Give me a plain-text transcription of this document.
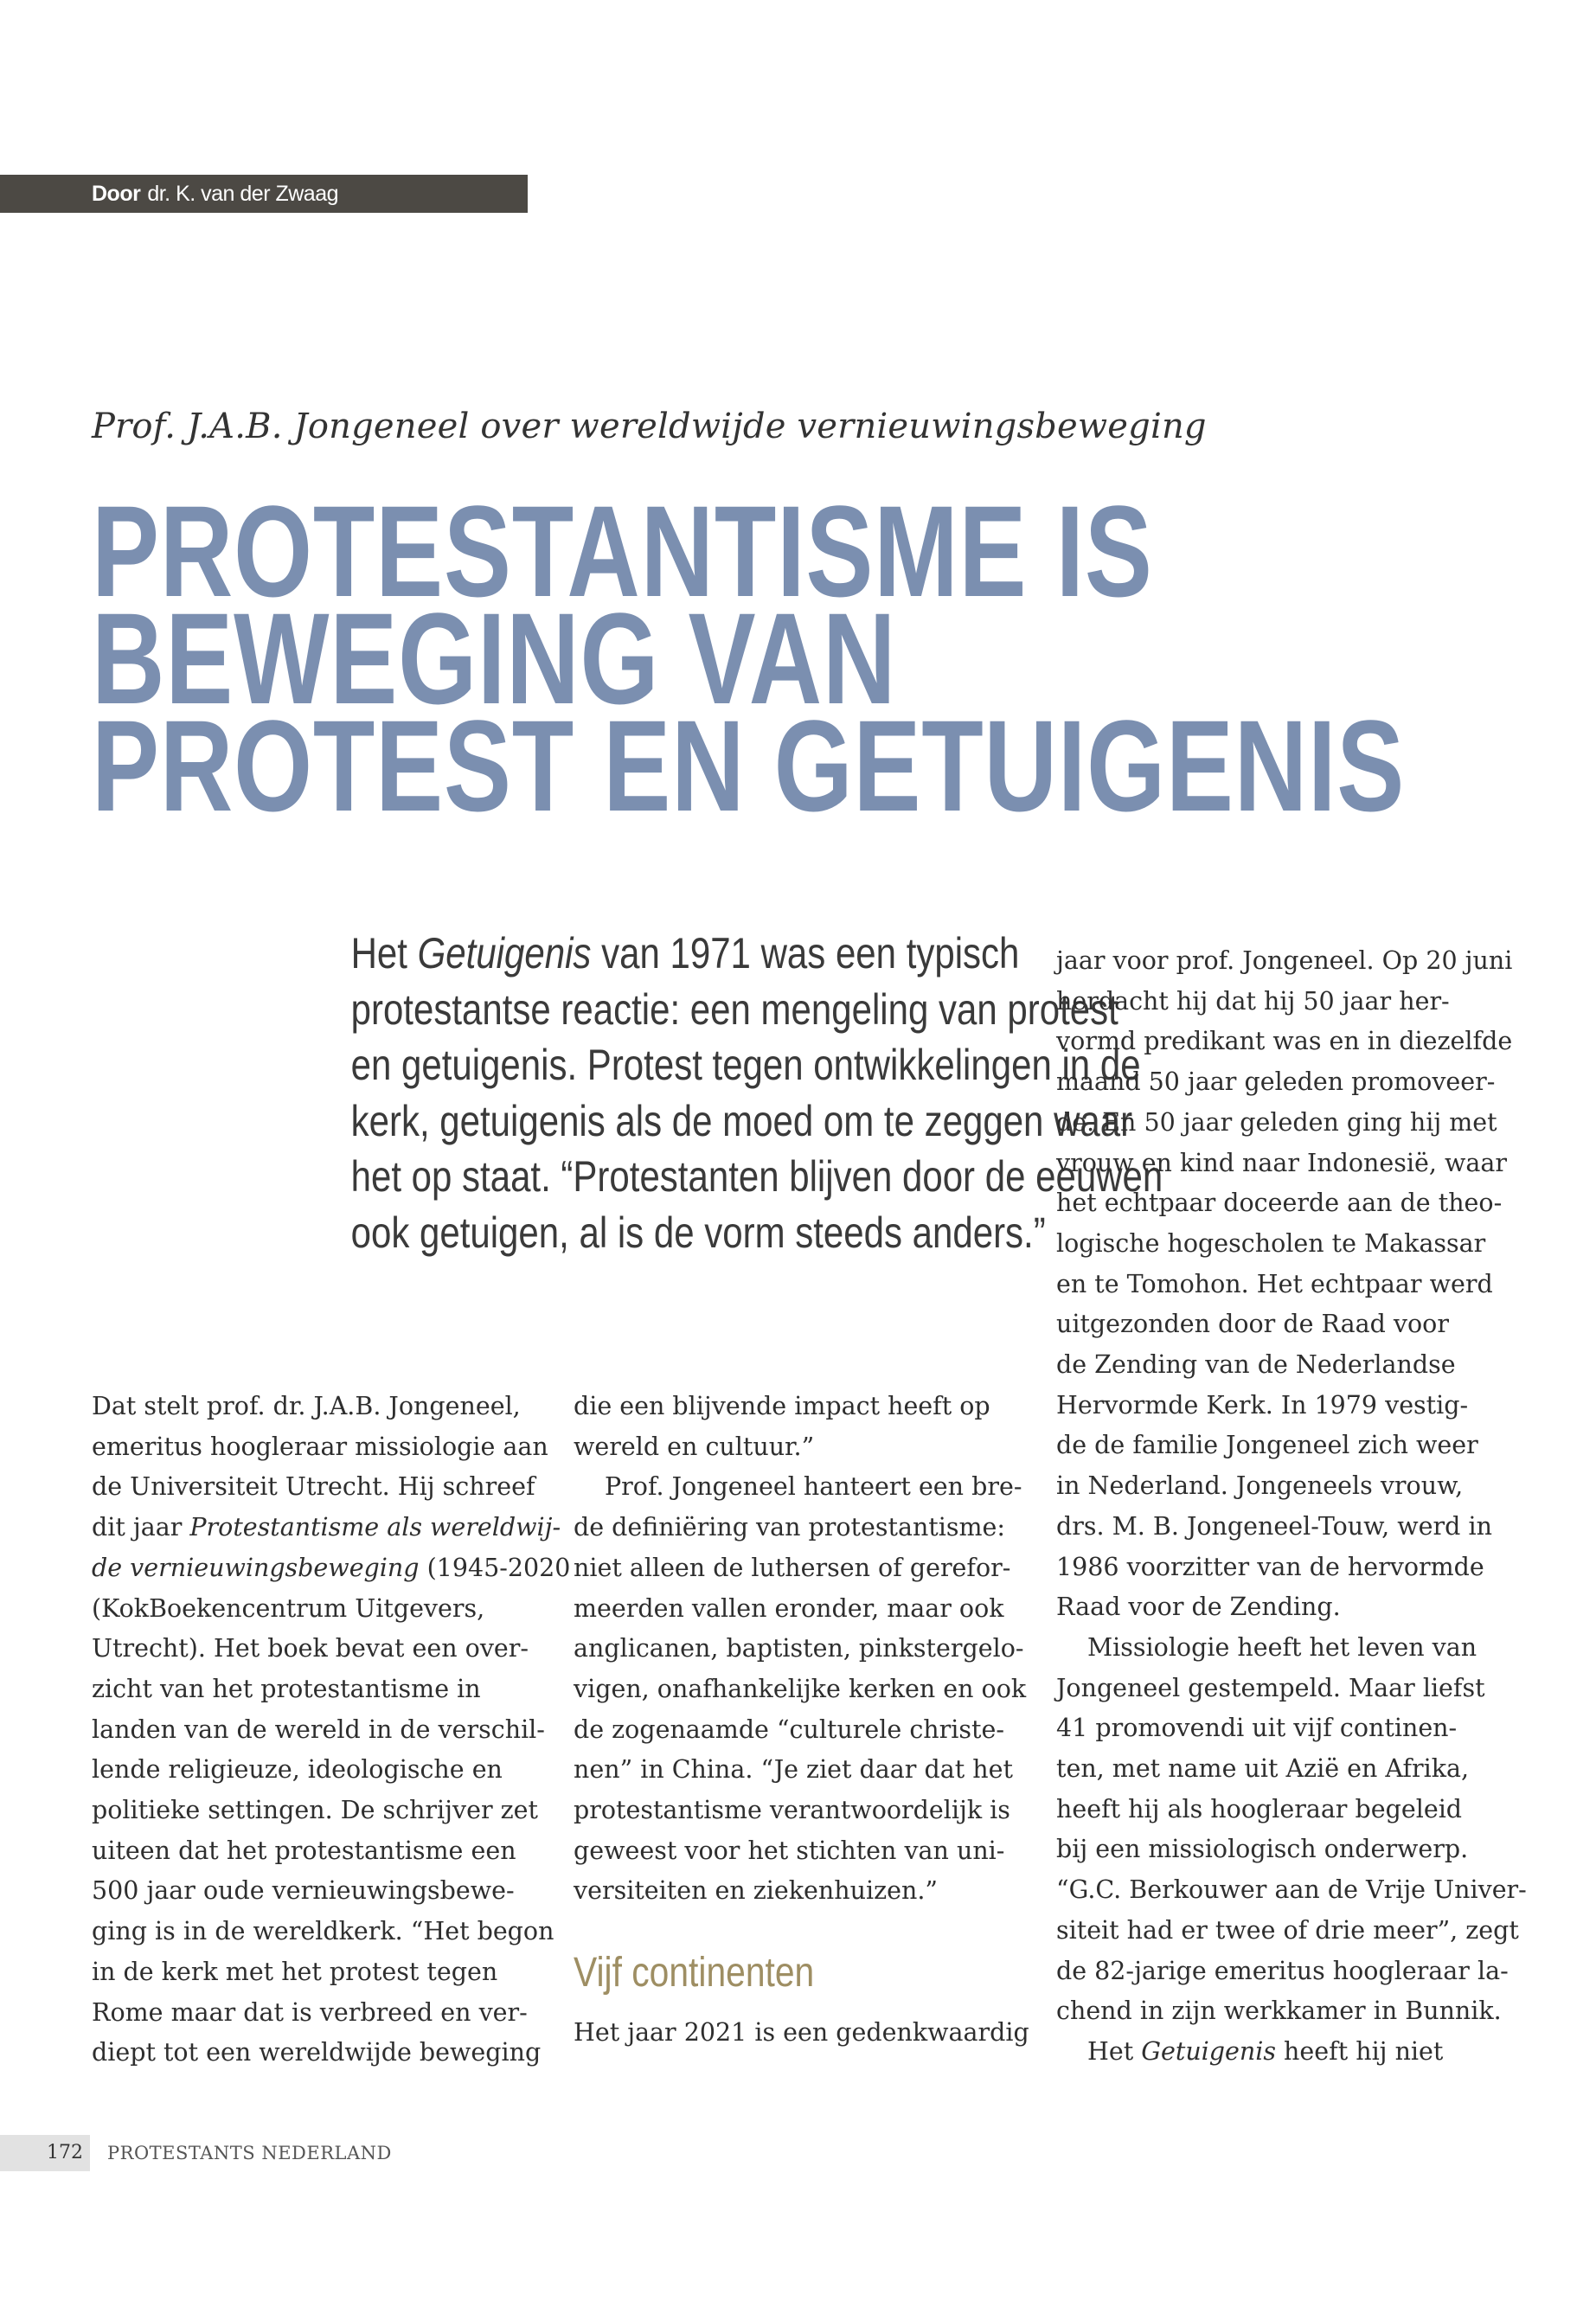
Door dr. K. van der Zwaag
Prof. J.A.B. Jongeneel over wereldwijde vernieuwingsbeweging
PROTESTANTISME IS
BEWEGING VAN
PROTEST EN GETUIGENIS
Het Getuigenis van 1971 was een typisch
protestantse reactie: een mengeling van protest
en getuigenis. Protest tegen ontwikkelingen in de
kerk, getuigenis als de moed om te zeggen waar
het op staat. “Protestanten blijven door de eeuwen
ook getuigen, al is de vorm steeds anders.”
Dat stelt prof. dr. J.A.B. Jongeneel,
emeritus hoogleraar missiologie aan
de Universiteit Utrecht. Hij schreef
dit jaar Protestantisme als wereldwij-
de vernieuwingsbeweging (1945-2020
(KokBoekencentrum Uitgevers,
Utrecht). Het boek bevat een over-
zicht van het protestantisme in
landen van de wereld in de verschil-
lende religieuze, ideologische en
politieke settingen. De schrijver zet
uiteen dat het protestantisme een
500 jaar oude vernieuwingsbewe-
ging is in de wereldkerk. “Het begon
in de kerk met het protest tegen
Rome maar dat is verbreed en ver-
diept tot een wereldwijde beweging
die een blijvende impact heeft op
wereld en cultuur.”
Prof. Jongeneel hanteert een bre-
de definiëring van protestantisme:
niet alleen de luthersen of gerefor-
meerden vallen eronder, maar ook
anglicanen, baptisten, pinkstergelo-
vigen, onafhankelijke kerken en ook
de zogenaamde “culturele christe-
nen” in China. “Je ziet daar dat het
protestantisme verantwoordelijk is
geweest voor het stichten van uni-
versiteiten en ziekenhuizen.”
Vijf continenten
Het jaar 2021 is een gedenkwaardig
jaar voor prof. Jongeneel. Op 20 juni
herdacht hij dat hij 50 jaar her-
vormd predikant was en in diezelfde
maand 50 jaar geleden promoveer-
de. En 50 jaar geleden ging hij met
vrouw en kind naar Indonesië, waar
het echtpaar doceerde aan de theo-
logische hogescholen te Makassar
en te Tomohon. Het echtpaar werd
uitgezonden door de Raad voor
de Zending van de Nederlandse
Hervormde Kerk. In 1979 vestig-
de de familie Jongeneel zich weer
in Nederland. Jongeneels vrouw,
drs. M. B. Jongeneel-Touw, werd in
1986 voorzitter van de hervormde
Raad voor de Zending.
Missiologie heeft het leven van
Jongeneel gestempeld. Maar liefst
41 promovendi uit vijf continen-
ten, met name uit Azië en Afrika,
heeft hij als hoogleraar begeleid
bij een missiologisch onderwerp.
“G.C. Berkouwer aan de Vrije Univer-
siteit had er twee of drie meer”, zegt
de 82-jarige emeritus hoogleraar la-
chend in zijn werkkamer in Bunnik.
Het Getuigenis heeft hij niet
172	PROTESTANTS NEDERLAND
